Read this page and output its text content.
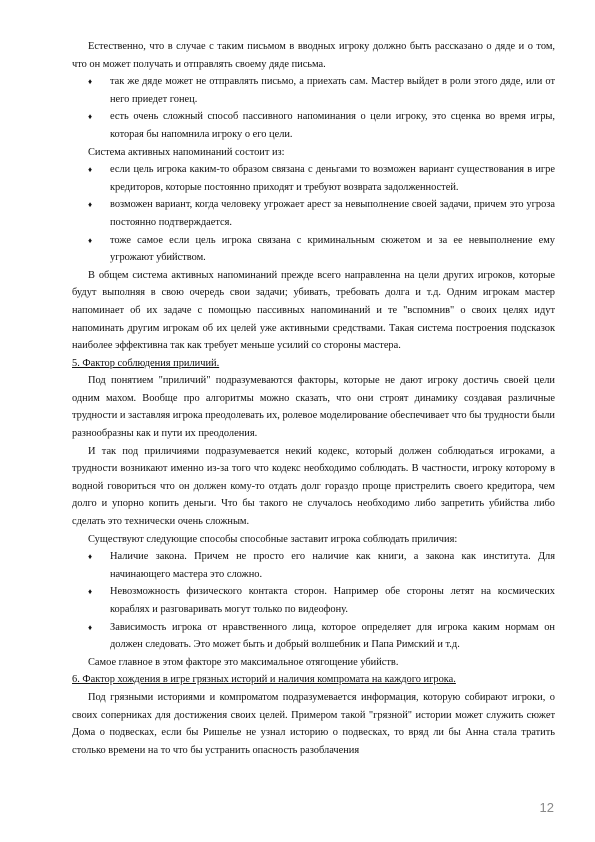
Естественно, что в случае с таким письмом в вводных игроку должно быть рассказано о дяде и о том, что он может получать и отправлять своему дяде письма.

♦	так же дяде может не отправлять письмо, а приехать сам. Мастер выйдет в роли этого дяде, или от него приедет гонец.
♦	есть очень сложный способ пассивного напоминания о цели игроку, это сценка во время игры, которая бы напомнила игроку о его цели.

Система активных напоминаний состоит из:

♦	если цель игрока каким-то образом связана с деньгами то возможен вариант существования в игре кредиторов, которые постоянно приходят и требуют возврата задолженностей.
♦	возможен вариант, когда человеку угрожает арест за невыполнение своей задачи, причем это угроза постоянно подтверждается.
♦	тоже самое если цель игрока связана с криминальным сюжетом и за ее невыполнение ему угрожают убийством.

В общем система активных напоминаний прежде всего направленна на цели других игроков, которые будут выполняя в свою очередь свои задачи; убивать, требовать долга и т.д. Одним игрокам мастер напоминает об их задаче с помощью пассивных напоминаний и те "вспомнив" о своих целях идут напоминать другим игрокам об их целей уже активными средствами. Такая система построения подсказок наиболее эффективна так как требует меньше усилий со стороны мастера.

5. Фактор соблюдения приличий.

Под понятием "приличий" подразумеваются факторы, которые не дают игроку достичь своей цели одним махом. Вообще про алгоритмы можно сказать, что они строят динамику создавая различные трудности и заставляя игрока преодолевать их, ролевое моделирование обеспечивает что бы трудности были разнообразны как и пути их преодоления.

И так под приличиями подразумевается некий кодекс, который должен соблюдаться игроками, а трудности возникают именно из-за того что кодекс необходимо соблюдать. В частности, игроку которому в водной говориться что он должен кому-то отдать долг гораздо проще пристрелить своего кредитора, чем долго и упорно копить деньги. Что бы такого не случалось необходимо либо запретить убийства либо сделать это технически очень сложным.

Существуют следующие способы способные заставит игрока соблюдать приличия:

♦	Наличие закона. Причем не просто его наличие как книги, а закона как института. Для начинающего мастера это сложно.
♦	Невозможность физического контакта сторон. Например обе стороны летят на космических кораблях и разговаривать могут только по видеофону.
♦	Зависимость игрока от нравственного лица, которое определяет для игрока каким нормам он должен следовать. Это может быть и добрый волшебник и Папа Римский и т.д.

Самое главное в этом факторе это максимальное отягощение убийств.

6. Фактор хождения в игре грязных историй и наличия компромата на каждого игрока.

Под грязными историями и компроматом подразумевается информация, которую собирают игроки, о своих соперниках для достижения своих целей. Примером такой "грязной" истории может служить сюжет Дома о подвесках, если бы Ришелье не узнал историю о подвесках, то вряд ли бы Анна стала тратить столько времени на то что бы устранить опасность разоблачения

12
